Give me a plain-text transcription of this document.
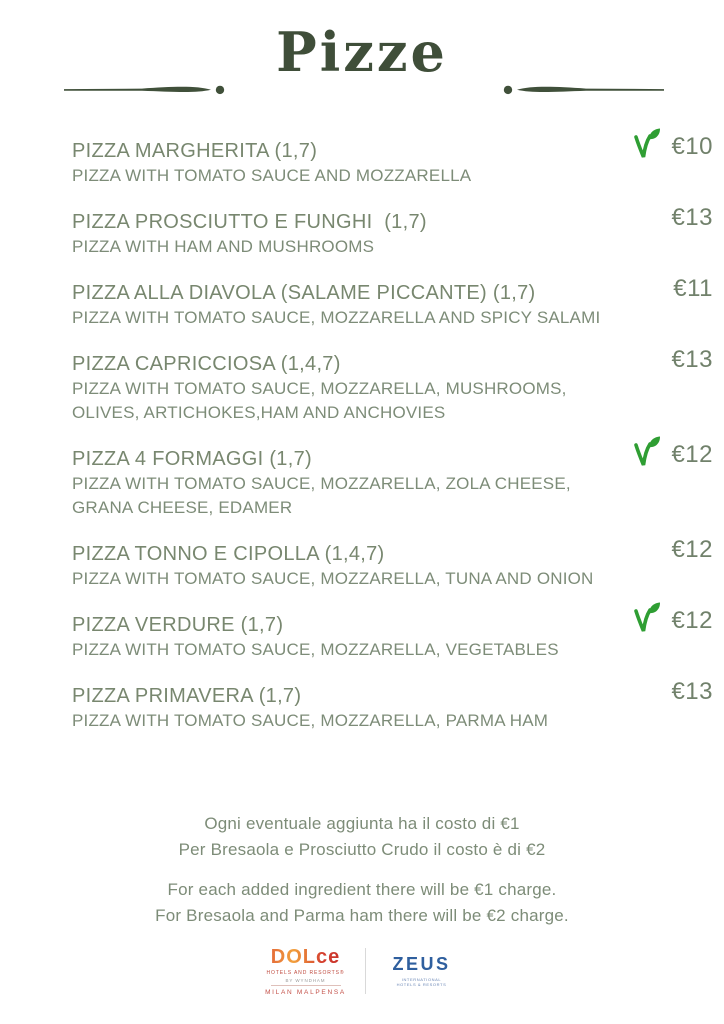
Pizze
PIZZA MARGHERITA (1,7)
PIZZA WITH TOMATO SAUCE AND MOZZARELLA
€10
PIZZA PROSCIUTTO E FUNGHI  (1,7)
PIZZA WITH HAM AND MUSHROOMS
€13
PIZZA ALLA DIAVOLA (SALAME PICCANTE) (1,7)
PIZZA WITH TOMATO SAUCE, MOZZARELLA AND SPICY SALAMI
€11
PIZZA CAPRICCIOSA (1,4,7)
PIZZA WITH TOMATO SAUCE, MOZZARELLA, MUSHROOMS, OLIVES, ARTICHOKES,HAM AND ANCHOVIES
€13
PIZZA 4 FORMAGGI (1,7)
PIZZA WITH TOMATO SAUCE, MOZZARELLA, ZOLA CHEESE, GRANA CHEESE, EDAMER
€12
PIZZA TONNO E CIPOLLA (1,4,7)
PIZZA WITH TOMATO SAUCE, MOZZARELLA, TUNA AND ONION
€12
PIZZA VERDURE (1,7)
PIZZA WITH TOMATO SAUCE, MOZZARELLA, VEGETABLES
€12
PIZZA PRIMAVERA (1,7)
PIZZA WITH TOMATO SAUCE, MOZZARELLA, PARMA HAM
€13
Ogni eventuale aggiunta ha il costo di €1
Per Bresaola e Prosciutto Crudo il costo è di €2
For each added ingredient there will be €1 charge.
For Bresaola and Parma ham there will be €2 charge.
DOLce
HOTELS AND RESORTS®
BY WYNDHAM
MILAN MALPENSA
ZEUS
INTERNATIONAL
HOTELS & RESORTS
